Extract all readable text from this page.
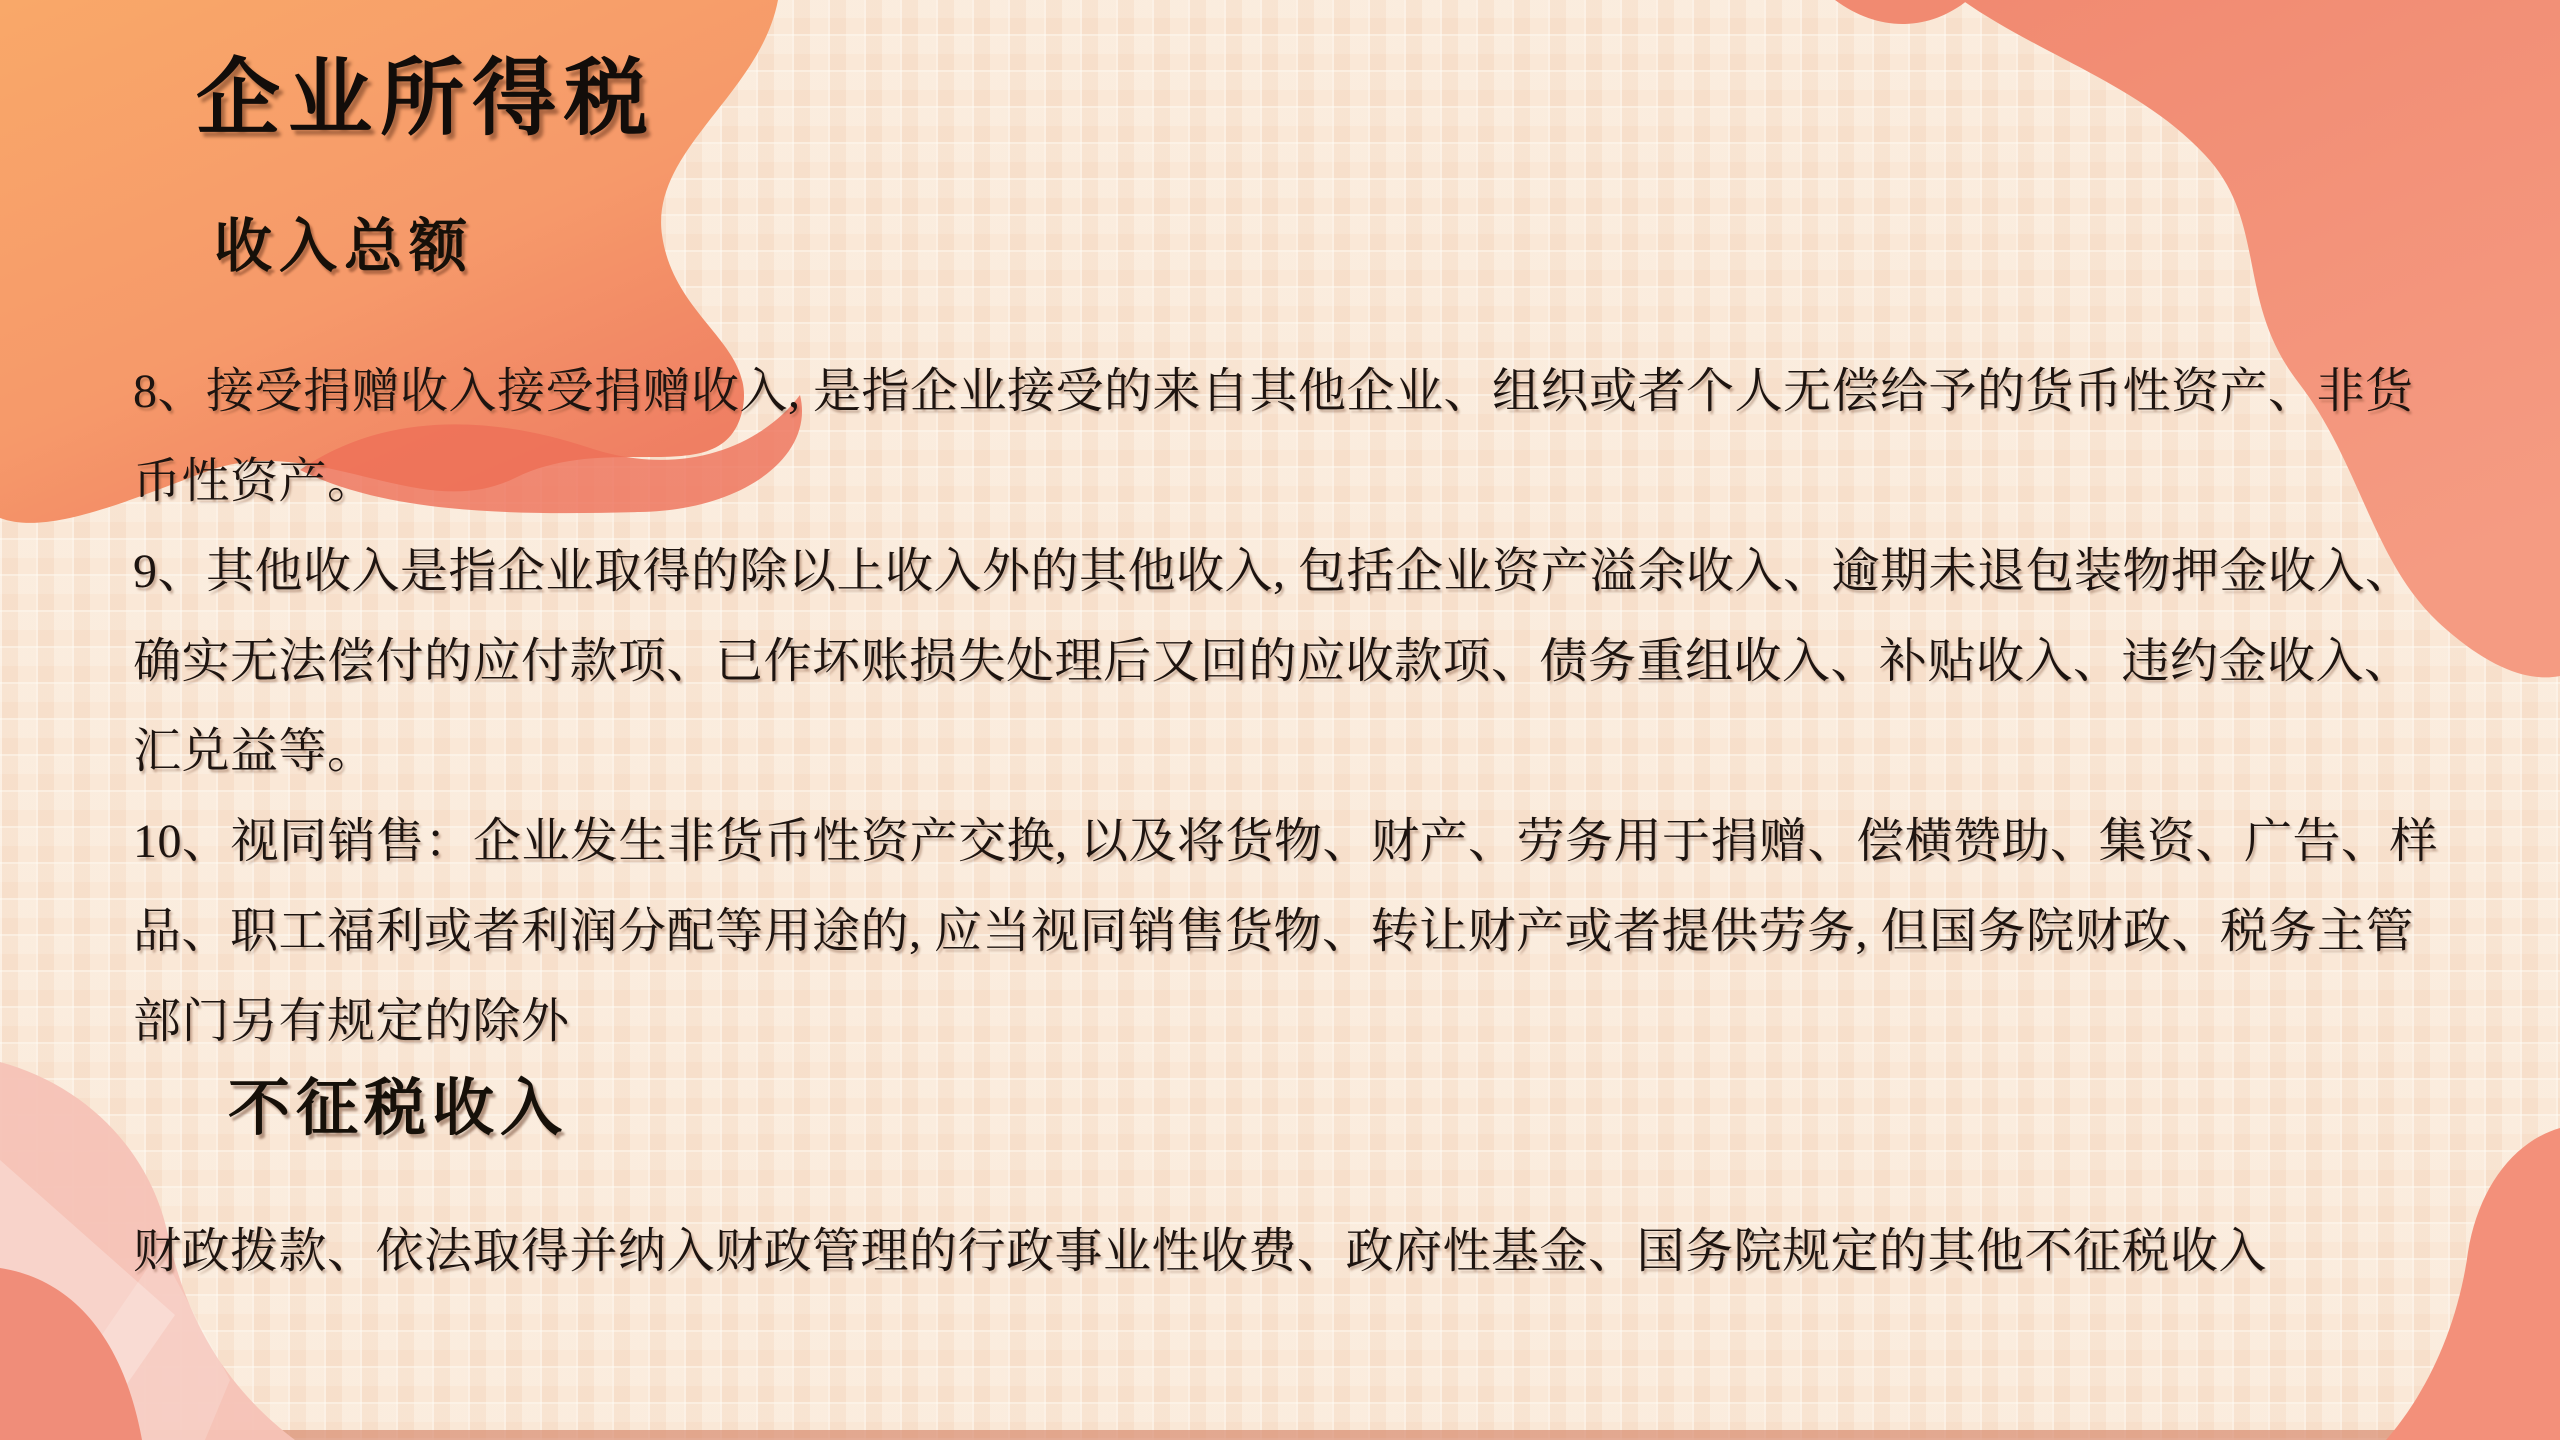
企业所得税
收入总额
8、接受捐赠收入接受捐赠收入, 是指企业接受的来自其他企业、组织或者个人无偿给予的货币性资产、非货
币性资产。
9、其他收入是指企业取得的除以上收入外的其他收入, 包括企业资产溢余收入、逾期未退包装物押金收入、
确实无法偿付的应付款项、已作坏账损失处理后又回的应收款项、债务重组收入、补贴收入、违约金收入、
汇兑益等。
10、视同销售：企业发生非货币性资产交换, 以及将货物、财产、劳务用于捐赠、偿横赞助、集资、广告、样
品、职工福利或者利润分配等用途的, 应当视同销售货物、转让财产或者提供劳务, 但国务院财政、税务主管
部门另有规定的除外
不征税收入
财政拨款、依法取得并纳入财政管理的行政事业性收费、政府性基金、国务院规定的其他不征税收入
